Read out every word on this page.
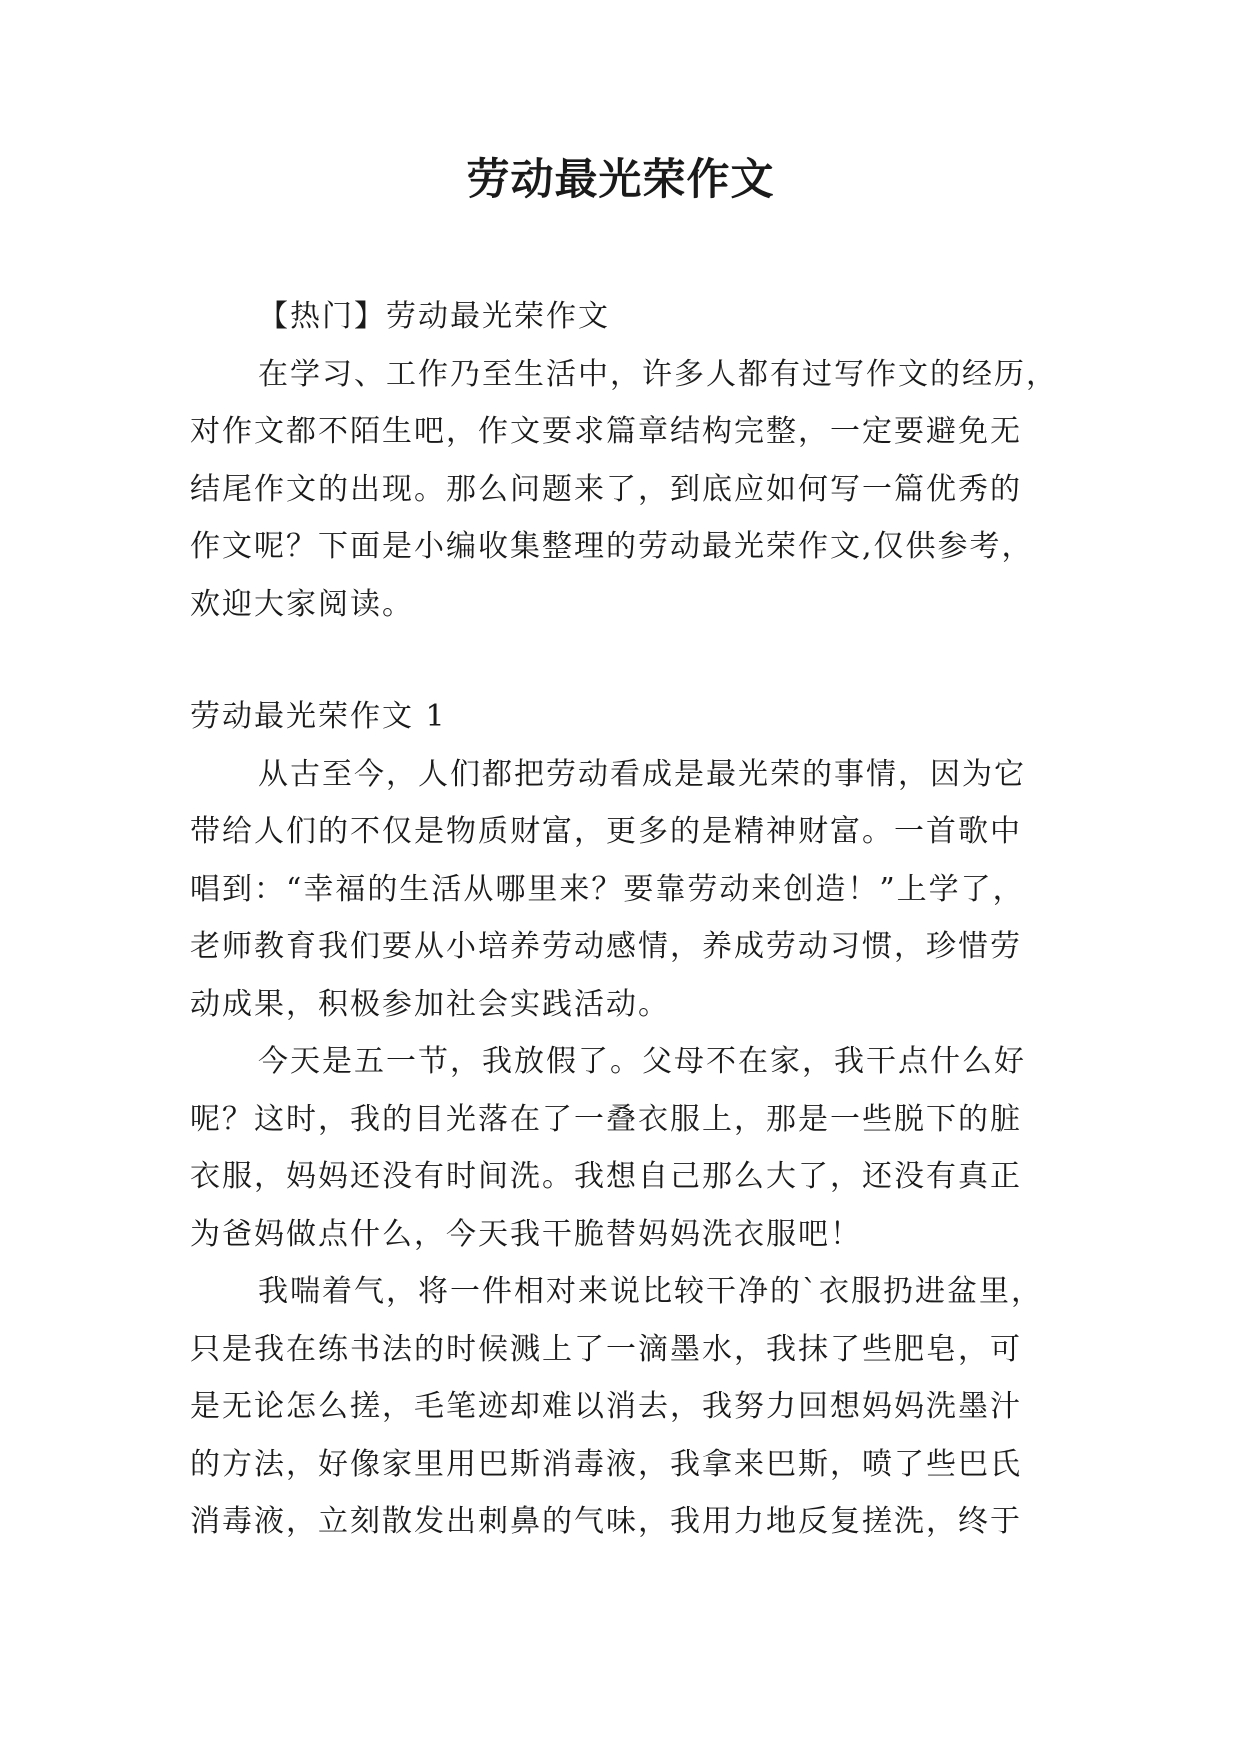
劳动最光荣作文
【热门】劳动最光荣作文
在学习、工作乃至生活中，许多人都有过写作文的经历，
对作文都不陌生吧，作文要求篇章结构完整，一定要避免无
结尾作文的出现。那么问题来了，到底应如何写一篇优秀的
作文呢？下面是小编收集整理的劳动最光荣作文,仅供参考，
欢迎大家阅读。
劳动最光荣作文 1
从古至今，人们都把劳动看成是最光荣的事情，因为它
带给人们的不仅是物质财富，更多的是精神财富。一首歌中
唱到：“幸福的生活从哪里来？要靠劳动来创造！”上学了，
老师教育我们要从小培养劳动感情，养成劳动习惯，珍惜劳
动成果，积极参加社会实践活动。
今天是五一节，我放假了。父母不在家，我干点什么好
呢？这时，我的目光落在了一叠衣服上，那是一些脱下的脏
衣服，妈妈还没有时间洗。我想自己那么大了，还没有真正
为爸妈做点什么，今天我干脆替妈妈洗衣服吧！
我喘着气，将一件相对来说比较干净的`衣服扔进盆里，
只是我在练书法的时候溅上了一滴墨水，我抹了些肥皂，可
是无论怎么搓，毛笔迹却难以消去，我努力回想妈妈洗墨汁
的方法，好像家里用巴斯消毒液，我拿来巴斯，喷了些巴氏
消毒液，立刻散发出刺鼻的气味，我用力地反复搓洗，终于
